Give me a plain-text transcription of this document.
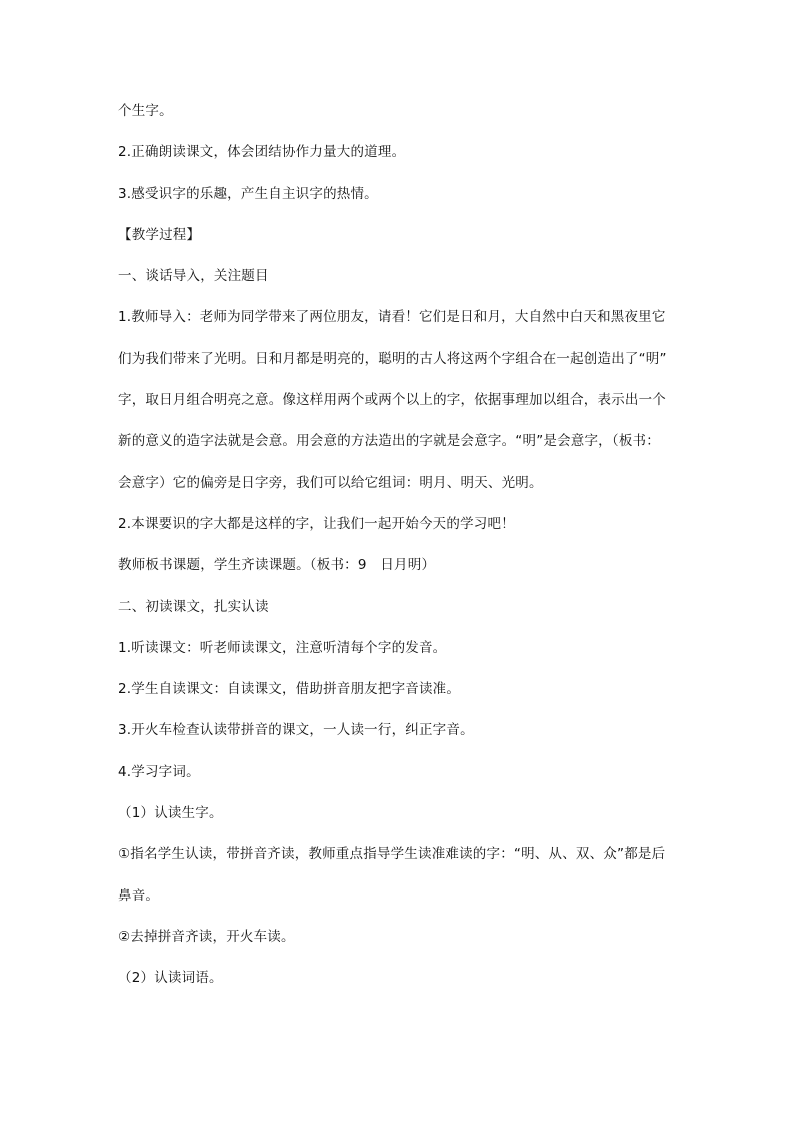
个生字。
2.正确朗读课文，体会团结协作力量大的道理。
3.感受识字的乐趣，产生自主识字的热情。
【教学过程】
一、谈话导入，关注题目
1.教师导入：老师为同学带来了两位朋友，请看！它们是日和月，大自然中白天和黑夜里它
们为我们带来了光明。日和月都是明亮的，聪明的古人将这两个字组合在一起创造出了“明”
字，取日月组合明亮之意。像这样用两个或两个以上的字，依据事理加以组合，表示出一个
新的意义的造字法就是会意。用会意的方法造出的字就是会意字。“明”是会意字，（板书：
会意字）它的偏旁是日字旁，我们可以给它组词：明月、明天、光明。
2.本课要识的字大都是这样的字，让我们一起开始今天的学习吧！
教师板书课题，学生齐读课题。（板书：9　日月明）
二、初读课文，扎实认读
1.听读课文：听老师读课文，注意听清每个字的发音。
2.学生自读课文：自读课文，借助拼音朋友把字音读准。
3.开火车检查认读带拼音的课文，一人读一行，纠正字音。
4.学习字词。
（1）认读生字。
①指名学生认读，带拼音齐读，教师重点指导学生读准难读的字：“明、从、双、众”都是后
鼻音。
②去掉拼音齐读，开火车读。
（2）认读词语。
